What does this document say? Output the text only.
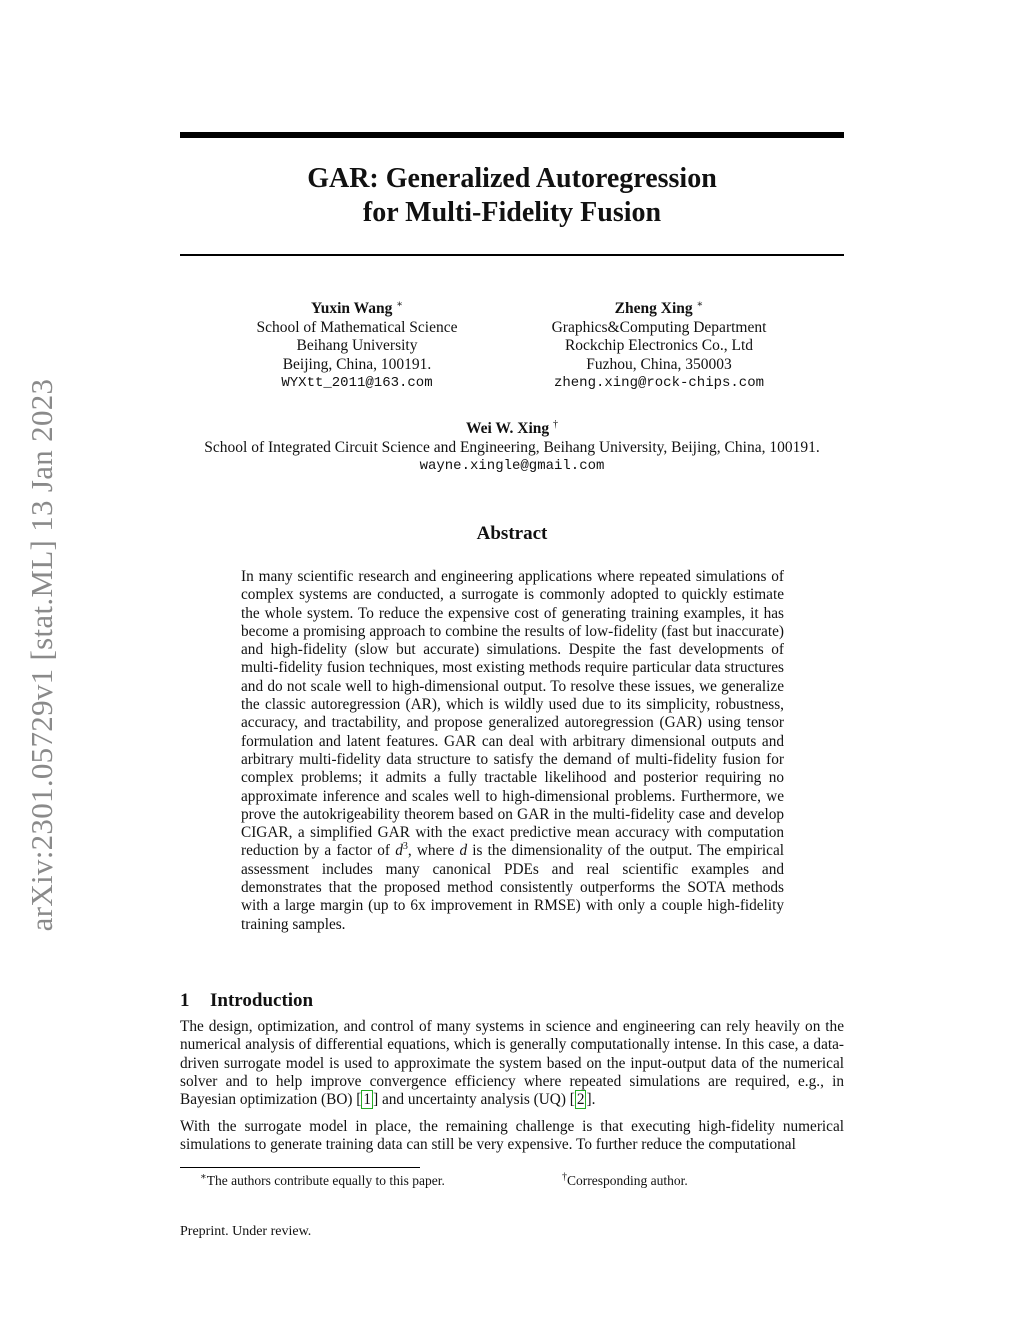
arXiv:2301.05729v1 [stat.ML] 13 Jan 2023
GAR: Generalized Autoregression
for Multi-Fidelity Fusion
Yuxin Wang ∗
School of Mathematical Science
Beihang University
Beijing, China, 100191.
WYXtt_2011@163.com
Zheng Xing ∗
Graphics&Computing Department
Rockchip Electronics Co., Ltd
Fuzhou, China, 350003
zheng.xing@rock-chips.com
Wei W. Xing †
School of Integrated Circuit Science and Engineering, Beihang University, Beijing, China, 100191.
wayne.xingle@gmail.com
Abstract
In many scientific research and engineering applications where repeated simulations of complex systems are conducted, a surrogate is commonly adopted to quickly estimate the whole system. To reduce the expensive cost of generating training examples, it has become a promising approach to combine the results of low-fidelity (fast but inaccurate) and high-fidelity (slow but accurate) simulations. Despite the fast developments of multi-fidelity fusion techniques, most existing methods require particular data structures and do not scale well to high-dimensional output. To resolve these issues, we generalize the classic autoregression (AR), which is wildly used due to its simplicity, robustness, accuracy, and tractability, and propose generalized autoregression (GAR) using tensor formulation and latent features. GAR can deal with arbitrary dimensional outputs and arbitrary multi-fidelity data structure to satisfy the demand of multi-fidelity fusion for complex problems; it admits a fully tractable likelihood and posterior requiring no approximate inference and scales well to high-dimensional problems. Furthermore, we prove the autokrigeability theorem based on GAR in the multi-fidelity case and develop CIGAR, a simplified GAR with the exact predictive mean accuracy with computation reduction by a factor of $d^3$, where d is the dimensionality of the output. The empirical assessment includes many canonical PDEs and real scientific examples and demonstrates that the proposed method consistently outperforms the SOTA methods with a large margin (up to 6x improvement in RMSE) with only a couple high-fidelity training samples.
1 Introduction
The design, optimization, and control of many systems in science and engineering can rely heavily on the numerical analysis of differential equations, which is generally computationally intense. In this case, a data-driven surrogate model is used to approximate the system based on the input-output data of the numerical solver and to help improve convergence efficiency where repeated simulations are required, e.g., in Bayesian optimization (BO) [ 1 ] and uncertainty analysis (UQ) [ 2 ].
With the surrogate model in place, the remaining challenge is that executing high-fidelity numerical simulations to generate training data can still be very expensive. To further reduce the computational
∗The authors contribute equally to this paper.	†Corresponding author.
Preprint. Under review.
